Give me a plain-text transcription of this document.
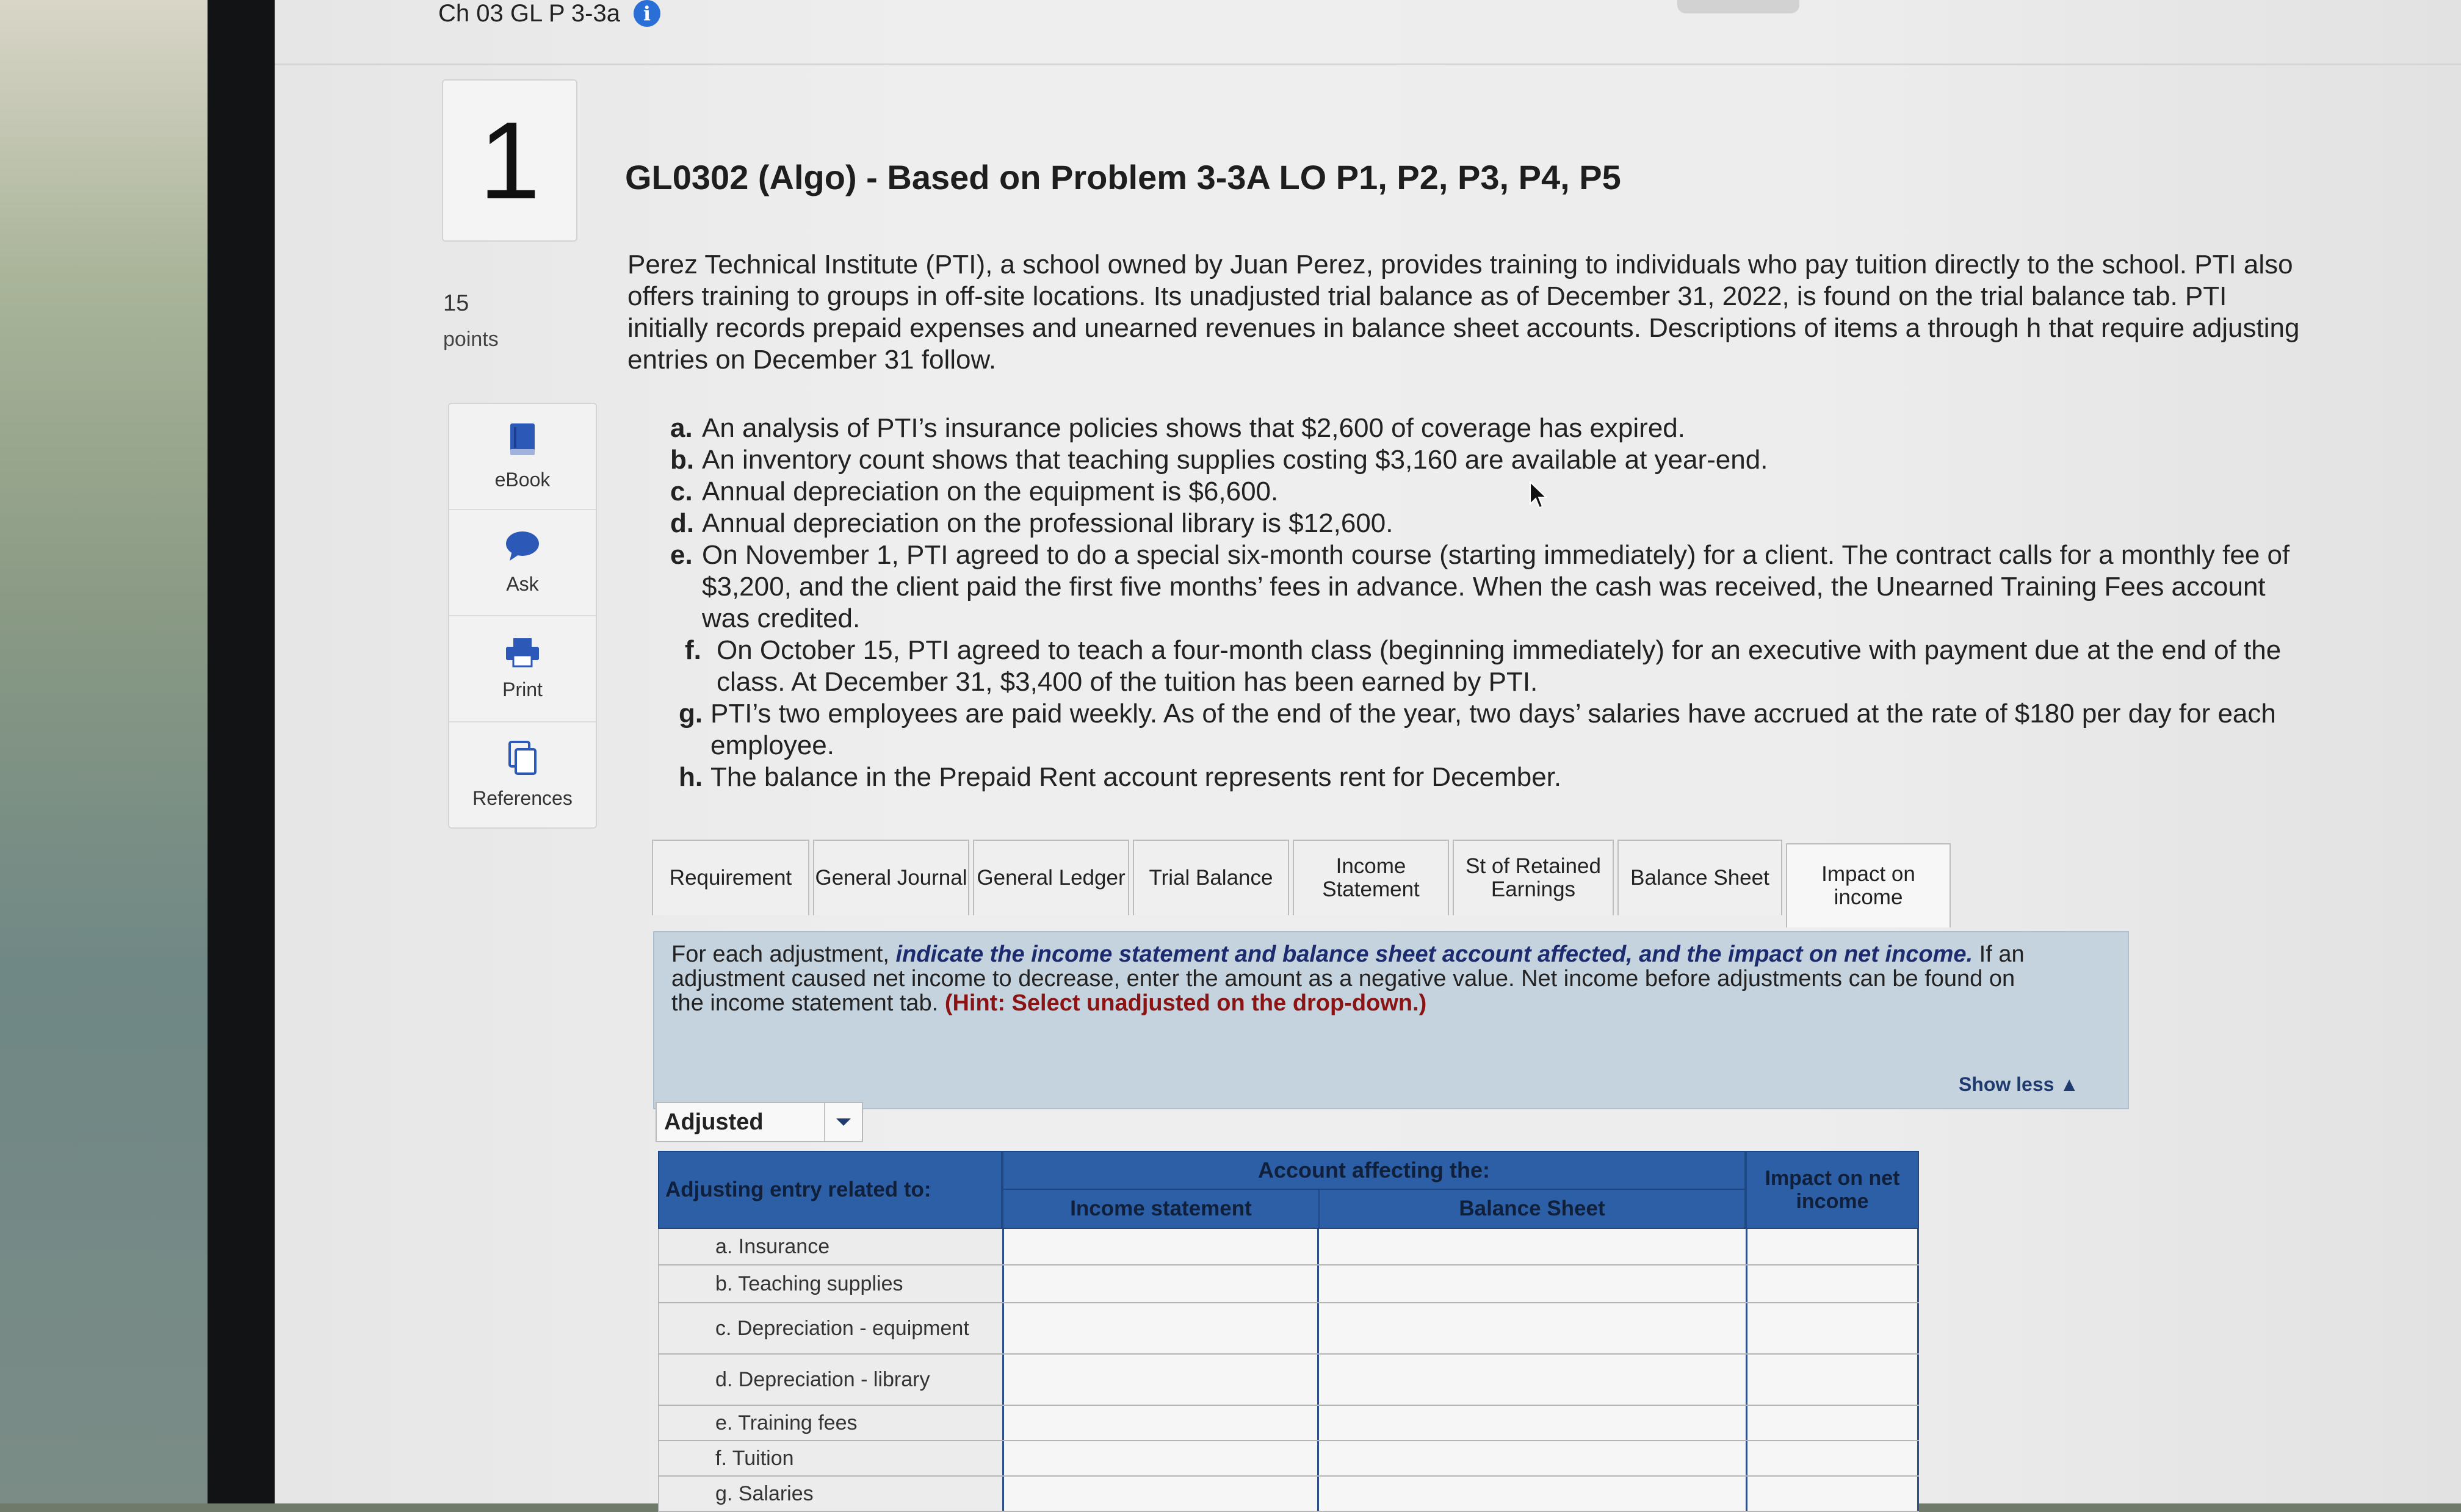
Ch 03 GL P 3-3a	i
1
15
points
eBook
Ask
Print
References
GL0302 (Algo) - Based on Problem 3-3A LO P1, P2, P3, P4, P5
Perez Technical Institute (PTI), a school owned by Juan Perez, provides training to individuals who pay tuition directly to the school. PTI also offers training to groups in off-site locations. Its unadjusted trial balance as of December 31, 2022, is found on the trial balance tab. PTI initially records prepaid expenses and unearned revenues in balance sheet accounts. Descriptions of items a through h that require adjusting entries on December 31 follow.
a. An analysis of PTI’s insurance policies shows that $2,600 of coverage has expired.
b. An inventory count shows that teaching supplies costing $3,160 are available at year-end.
c. Annual depreciation on the equipment is $6,600.
d. Annual depreciation on the professional library is $12,600.
e. On November 1, PTI agreed to do a special six-month course (starting immediately) for a client. The contract calls for a monthly fee of $3,200, and the client paid the first five months’ fees in advance. When the cash was received, the Unearned Training Fees account was credited.
f. On October 15, PTI agreed to teach a four-month class (beginning immediately) for an executive with payment due at the end of the class. At December 31, $3,400 of the tuition has been earned by PTI.
g. PTI’s two employees are paid weekly. As of the end of the year, two days’ salaries have accrued at the rate of $180 per day for each employee.
h. The balance in the Prepaid Rent account represents rent for December.
Requirement	General Journal General Ledger	Trial Balance	Income Statement
St of Retained Earnings	Balance Sheet	Impact on income
For each adjustment, indicate the income statement and balance sheet account affected, and the impact on net income. If an adjustment caused net income to decrease, enter the amount as a negative value. Net income before adjustments can be found on the income statement tab. (Hint: Select unadjusted on the drop-down.)
Show less ▲
Adjusted
Adjusting entry related to:
Account affecting the:
Income statement	Balance Sheet
Impact on net income
a. Insurance
b. Teaching supplies
c. Depreciation - equipment
d. Depreciation - library
e. Training fees
f. Tuition
g. Salaries
